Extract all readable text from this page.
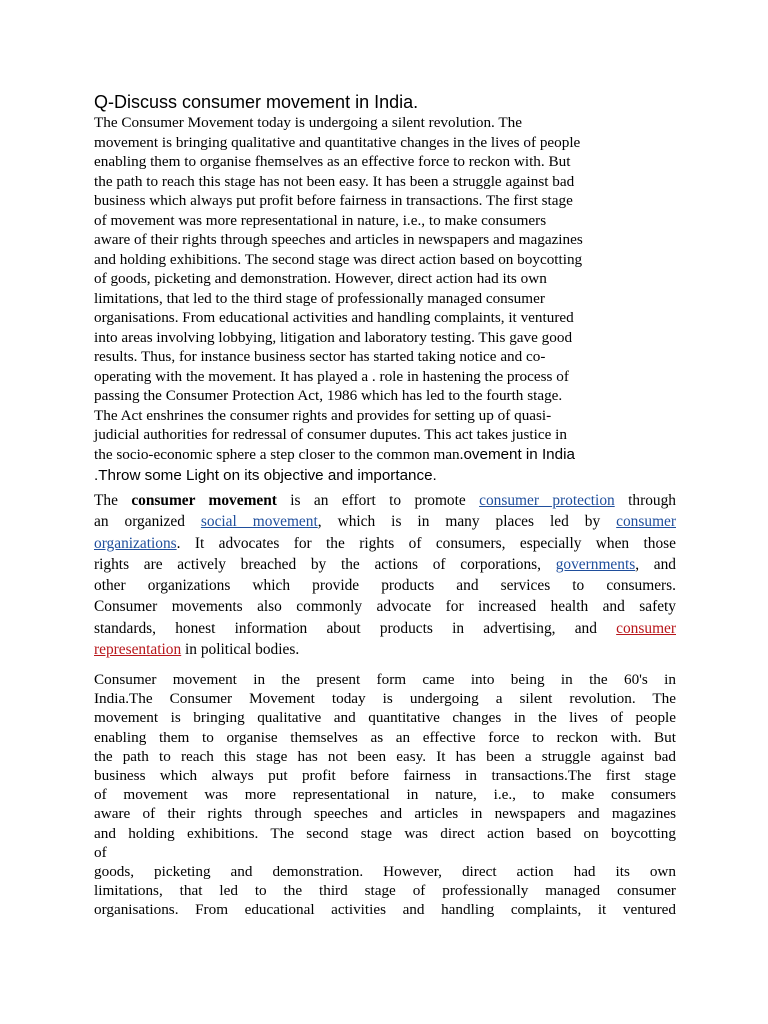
Q-Discuss consumer movement in India.
The Consumer Movement today is undergoing a silent revolution. The
movement is bringing qualitative and quantitative changes in the lives of people
enabling them to organise fhemselves as an effective force to reckon with. But
the path to reach this stage has not been easy. It has been a struggle against bad
business which always put profit before fairness in transactions. The first stage
of movement was more representational in nature, i.e., to make consumers
aware of their rights through speeches and articles in newspapers and magazines
and holding exhibitions. The second stage was direct action based on boycotting
of goods, picketing and demonstration. However, direct action had its own
limitations, that led to the third stage of professionally managed consumer
organisations. From educational activities and handling complaints, it ventured
into areas involving lobbying, litigation and laboratory testing. This gave good
results. Thus, for instance business sector has started taking notice and co-
operating with the movement. It has played a . role in hastening the process of
passing the Consumer Protection Act, 1986 which has led to the fourth stage.
The Act enshrines the consumer rights and provides for setting up of quasi-
judicial authorities for redressal of consumer duputes. This act takes justice in
the socio-economic sphere a step closer to the common man.ovement in India
.Throw some Light on its objective and importance.
The consumer movement is an effort to promote consumer protection through
an organized social movement, which is in many places led by consumer
organizations. It advocates for the rights of consumers, especially when those
rights are actively breached by the actions of corporations, governments, and
other organizations which provide products and services to consumers.
Consumer movements also commonly advocate for increased health and safety
standards, honest information about products in advertising, and consumer
representation in political bodies.
Consumer movement in the present form came into being in the 60's in
India.The Consumer Movement today is undergoing a silent revolution. The
movement is bringing qualitative and quantitative changes in the lives of people
enabling them to organise themselves as an effective force to reckon with. But
the path to reach this stage has not been easy. It has been a struggle against bad
business which always put profit before fairness in transactions.The first stage
of movement was more representational in nature, i.e., to make consumers
aware of their rights through speeches and articles in newspapers and magazines
and holding exhibitions. The second stage was direct action based on boycotting
of
goods, picketing and demonstration. However, direct action had its own
limitations, that led to the third stage of professionally managed consumer
organisations. From educational activities and handling complaints, it ventured
